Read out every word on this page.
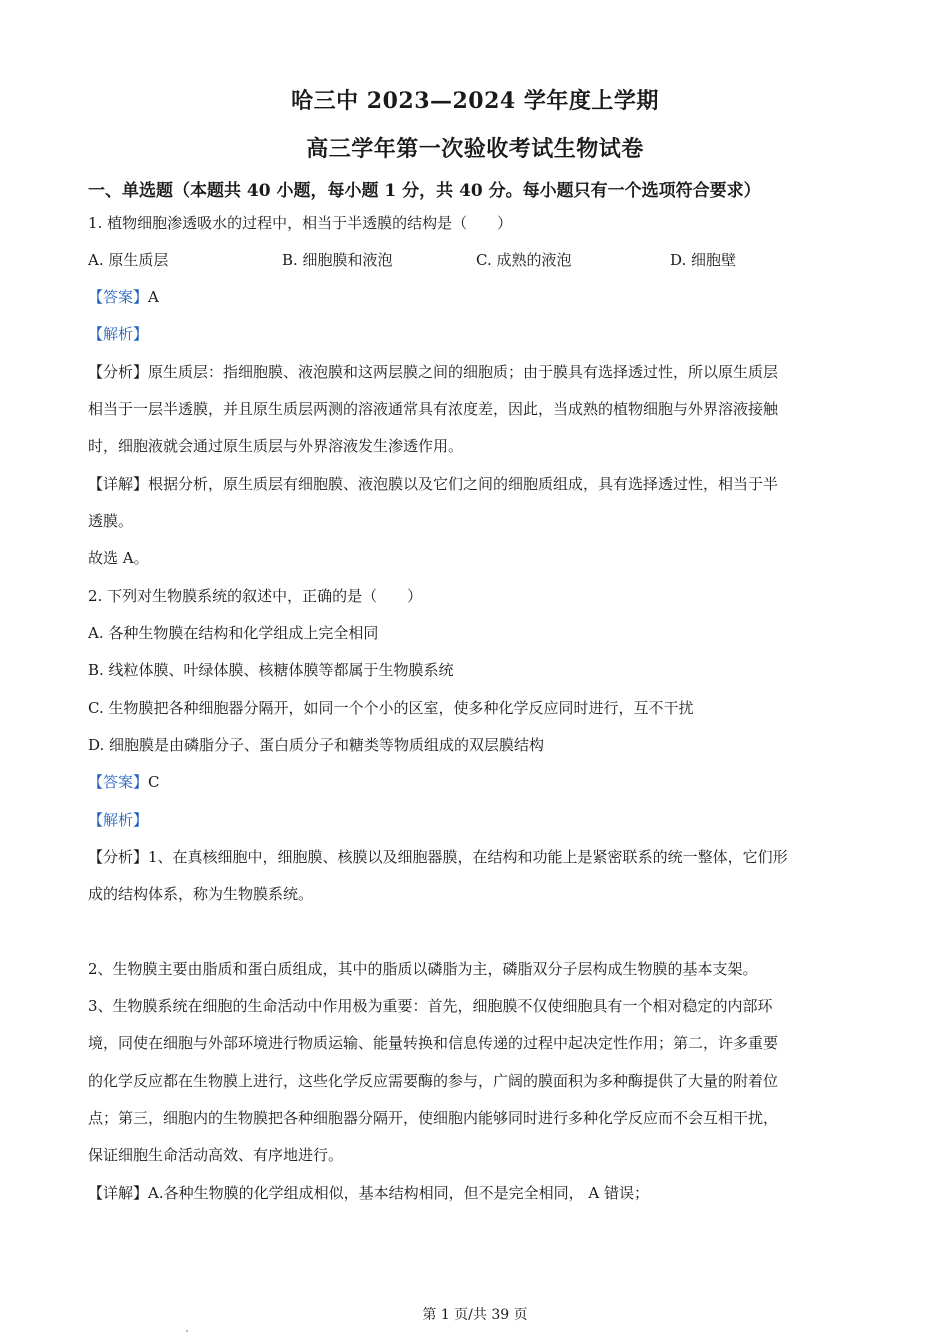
哈三中 2023—2024 学年度上学期
高三学年第一次验收考试生物试卷
一、单选题（本题共 40 小题，每小题 1 分，共 40 分。每小题只有一个选项符合要求）
1. 植物细胞渗透吸水的过程中，相当于半透膜的结构是（　　）
A. 原生质层	B. 细胞膜和液泡	C. 成熟的液泡	D. 细胞壁
【答案】A
【解析】
【分析】原生质层：指细胞膜、液泡膜和这两层膜之间的细胞质；由于膜具有选择透过性，所以原生质层
相当于一层半透膜，并且原生质层两测的溶液通常具有浓度差，因此，当成熟的植物细胞与外界溶液接触
时，细胞液就会通过原生质层与外界溶液发生渗透作用。
【详解】根据分析，原生质层有细胞膜、液泡膜以及它们之间的细胞质组成，具有选择透过性，相当于半
透膜。
故选 A。
2. 下列对生物膜系统的叙述中，正确的是（　　）
A. 各种生物膜在结构和化学组成上完全相同
B. 线粒体膜、叶绿体膜、核糖体膜等都属于生物膜系统
C. 生物膜把各种细胞器分隔开，如同一个个小的区室，使多种化学反应同时进行，互不干扰
D. 细胞膜是由磷脂分子、蛋白质分子和糖类等物质组成的双层膜结构
【答案】C
【解析】
【分析】1、在真核细胞中，细胞膜、核膜以及细胞器膜，在结构和功能上是紧密联系的统一整体，它们形
成的结构体系，称为生物膜系统。
2、生物膜主要由脂质和蛋白质组成，其中的脂质以磷脂为主，磷脂双分子层构成生物膜的基本支架。
3、生物膜系统在细胞的生命活动中作用极为重要：首先，细胞膜不仅使细胞具有一个相对稳定的内部环
境，同使在细胞与外部环境进行物质运输、能量转换和信息传递的过程中起决定性作用；第二，许多重要
的化学反应都在生物膜上进行，这些化学反应需要酶的参与，广阔的膜面积为多种酶提供了大量的附着位
点；第三，细胞内的生物膜把各种细胞器分隔开，使细胞内能够同时进行多种化学反应而不会互相干扰，
保证细胞生命活动高效、有序地进行。
【详解】A.各种生物膜的化学组成相似，基本结构相同，但不是完全相同， A 错误；
第 1 页/共 39 页
